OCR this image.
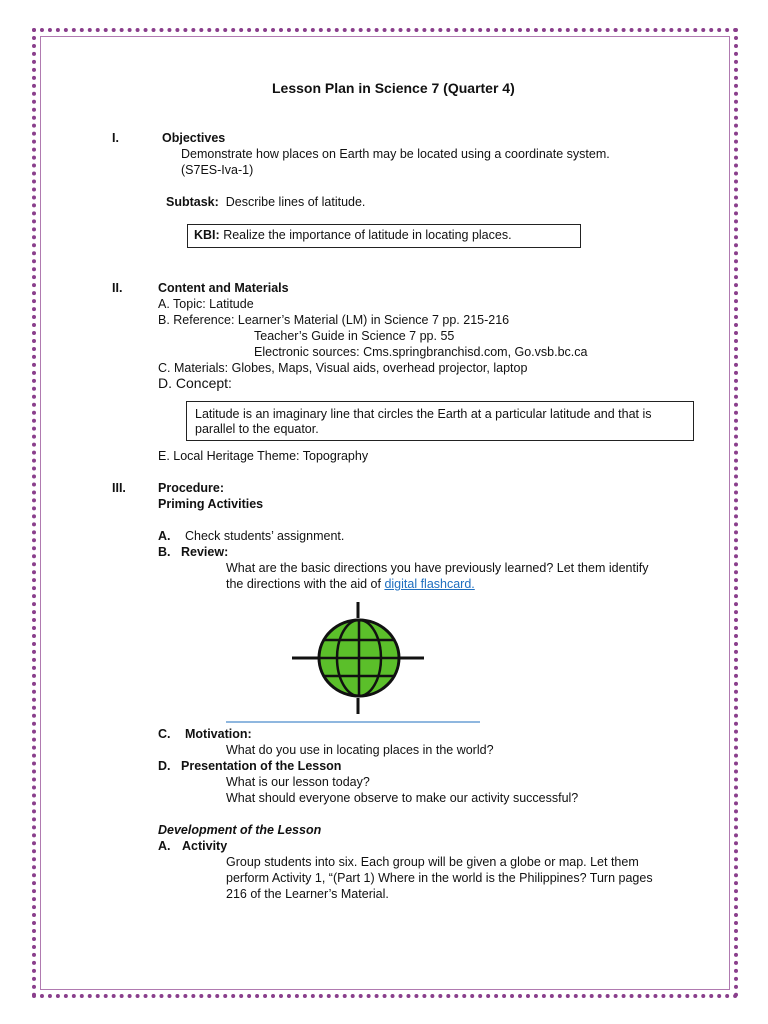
Lesson Plan in Science 7 (Quarter 4)
I.	Objectives
Demonstrate how places on Earth may be located using a coordinate system.
(S7ES-Iva-1)
Subtask: Describe lines of latitude.
KBI: Realize the importance of latitude in locating places.
II.	Content and Materials
A. Topic: Latitude
B. Reference: Learner’s Material (LM) in Science 7 pp. 215-216
Teacher’s Guide in Science 7 pp. 55
Electronic sources: Cms.springbranchisd.com, Go.vsb.bc.ca
C. Materials: Globes, Maps, Visual aids, overhead projector, laptop
D. Concept:
Latitude is an imaginary line that circles the Earth at a particular latitude and that is parallel to the equator.
E. Local Heritage Theme: Topography
III.	Procedure:
Priming Activities
A. Check students’ assignment.
B. Review:
What are the basic directions you have previously learned? Let them identify
the directions with the aid of digital flashcard.
C. Motivation:
What do you use in locating places in the world?
D. Presentation of the Lesson
What is our lesson today?
What should everyone observe to make our activity successful?
Development of the Lesson
A. Activity
Group students into six. Each group will be given a globe or map. Let them
perform Activity 1, “(Part 1) Where in the world is the Philippines? Turn pages
216 of the Learner’s Material.
